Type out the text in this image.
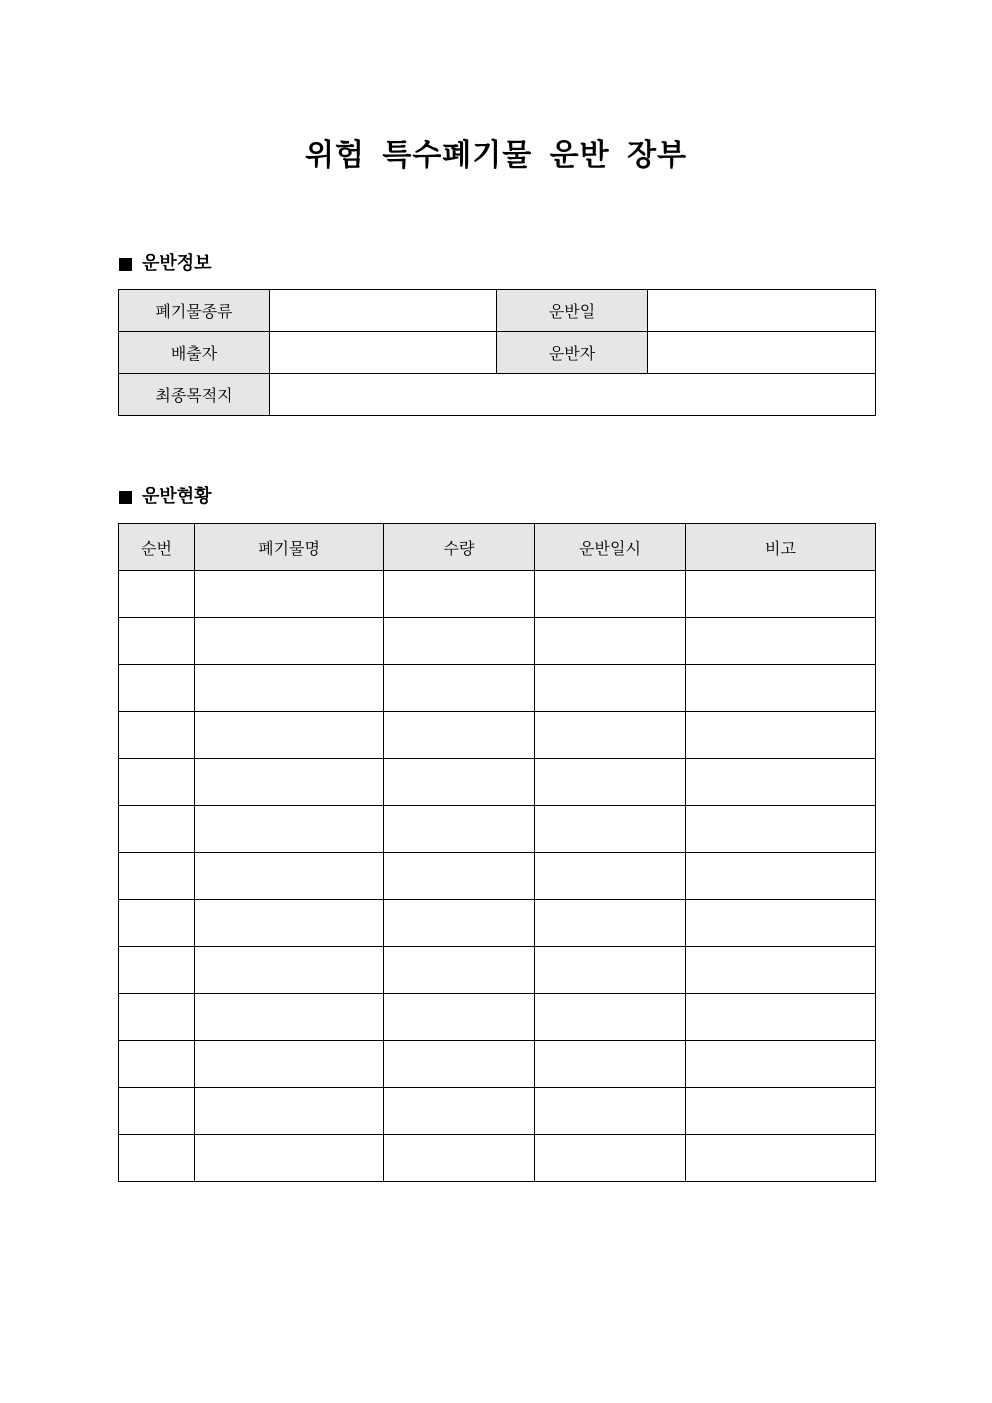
위험 특수폐기물 운반 장부
운반정보
폐기물종류		운반일	
배출자		운반자	
최종목적지			
운반현황
순번	폐기물명	수량	운반일시	비고
